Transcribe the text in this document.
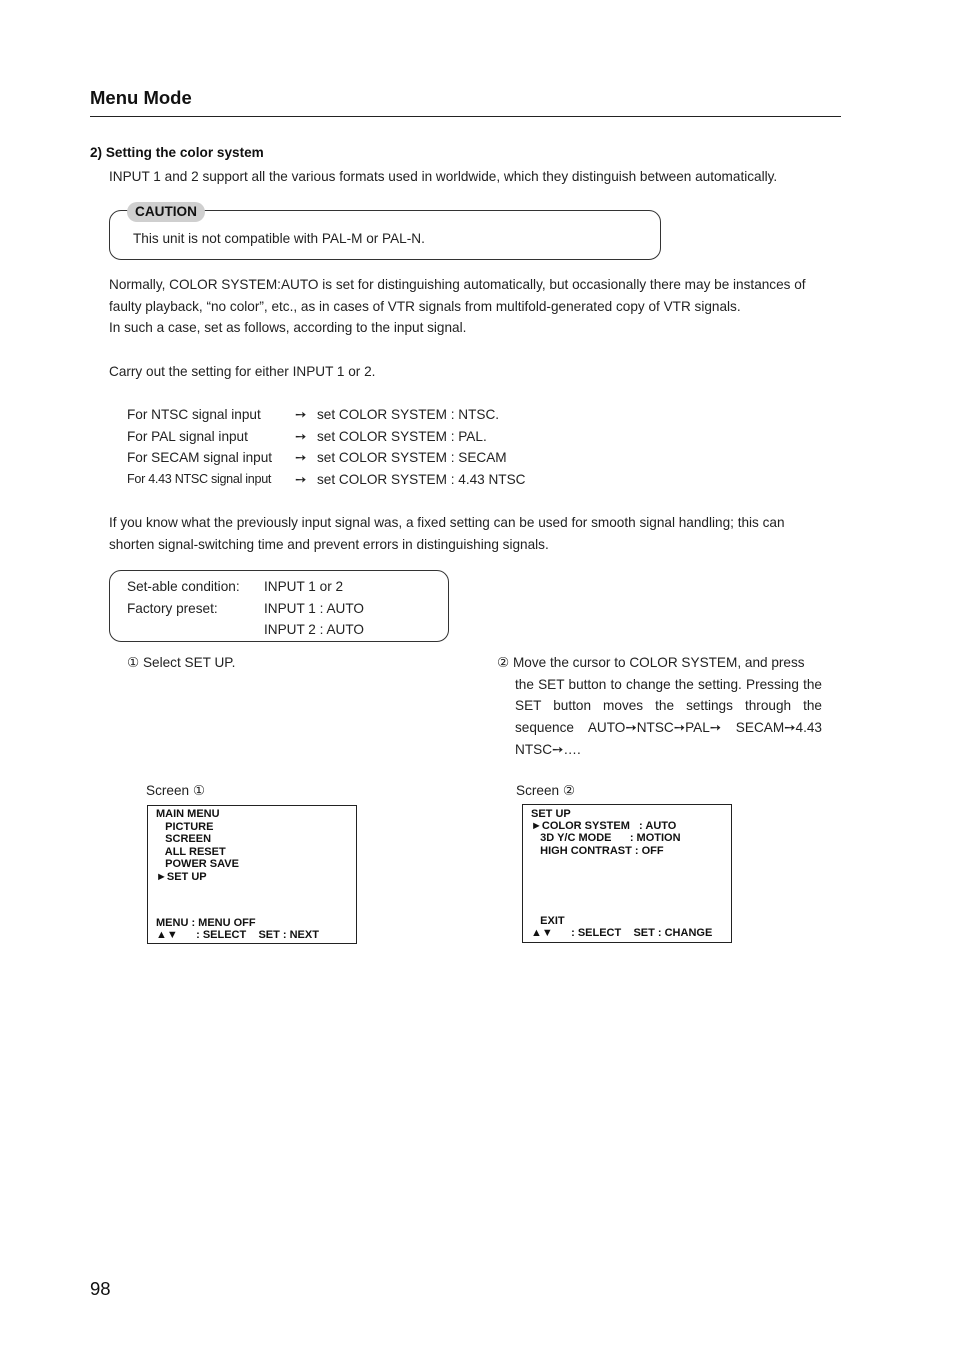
Menu Mode
2) Setting the color system
INPUT 1 and 2 support all the various formats used in worldwide, which they distinguish between automatically.
CAUTION
This unit is not compatible with PAL-M or PAL-N.
Normally, COLOR SYSTEM:AUTO is set for distinguishing automatically, but occasionally there may be instances of
faulty playback, “no color”, etc., as in cases of VTR signals from multifold-generated copy of VTR signals.
In such a case, set as follows, according to the input signal.
Carry out the setting for either INPUT 1 or 2.
For NTSC signal input	➙ set COLOR SYSTEM : NTSC.
For PAL signal input	➙ set COLOR SYSTEM : PAL.
For SECAM signal input ➙ set COLOR SYSTEM : SECAM
For 4.43 NTSC signal input ➙ set COLOR SYSTEM : 4.43 NTSC
If you know what the previously input signal was, a fixed setting can be used for smooth signal handling; this can
shorten signal-switching time and prevent errors in distinguishing signals.
Set-able condition: INPUT 1 or 2
Factory preset:	INPUT 1 : AUTO
INPUT 2 : AUTO
① Select SET UP.	② Move the cursor to COLOR SYSTEM, and press
the SET button to change the setting. Pressing the SET button moves the settings through the sequence AUTO➙NTSC➙PAL➙ SECAM➙4.43 NTSC➙….
Screen ①
MAIN MENU
PICTURE
SCREEN
ALL RESET
POWER SAVE
►SET UP
MENU : MENU OFF
▲▼      : SELECT    SET : NEXT
Screen ②
SET UP
►COLOR SYSTEM   : AUTO
3D Y/C MODE      : MOTION
HIGH CONTRAST : OFF
EXIT
▲▼      : SELECT    SET : CHANGE
98
